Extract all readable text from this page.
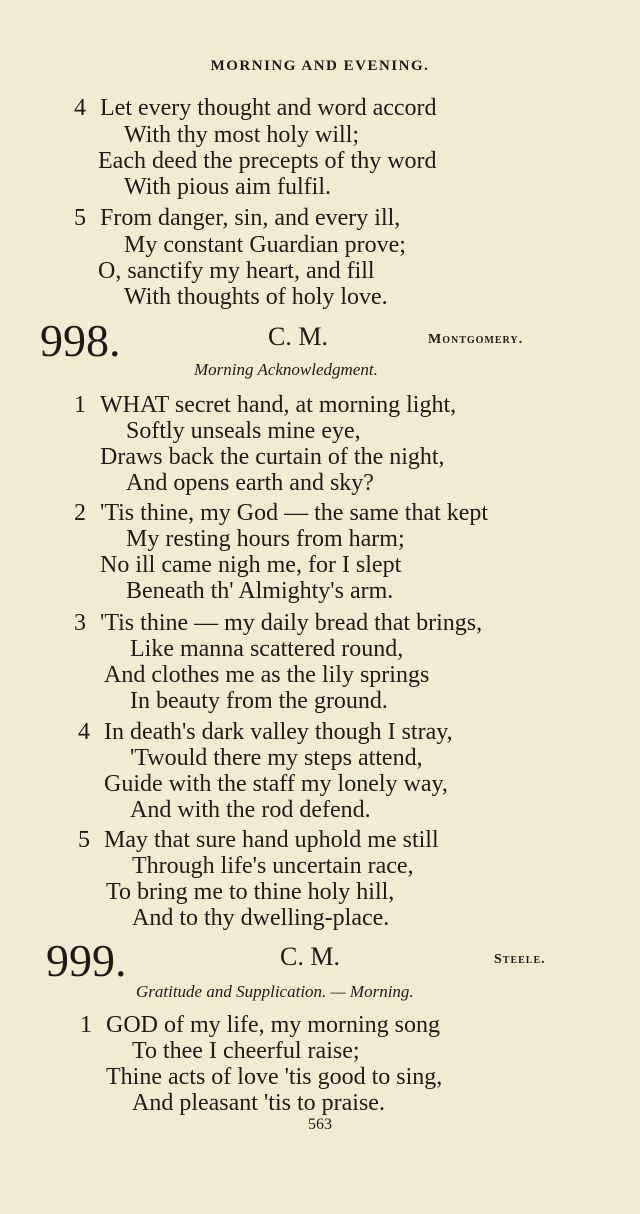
MORNING AND EVENING.
4 Let every thought and word accord
With thy most holy will;
Each deed the precepts of thy word
With pious aim fulfil.
5 From danger, sin, and every ill,
My constant Guardian prove;
O, sanctify my heart, and fill
With thoughts of holy love.
998.	C. M.	Montgomery.
Morning Acknowledgment.
1 WHAT secret hand, at morning light,
Softly unseals mine eye,
Draws back the curtain of the night,
And opens earth and sky?
2 'Tis thine, my God — the same that kept
My resting hours from harm;
No ill came nigh me, for I slept
Beneath th' Almighty's arm.
3 'Tis thine — my daily bread that brings,
Like manna scattered round,
And clothes me as the lily springs
In beauty from the ground.
4 In death's dark valley though I stray,
'Twould there my steps attend,
Guide with the staff my lonely way,
And with the rod defend.
5 May that sure hand uphold me still
Through life's uncertain race,
To bring me to thine holy hill,
And to thy dwelling-place.
999.	C. M.	Steele.
Gratitude and Supplication. — Morning.
1 GOD of my life, my morning song
To thee I cheerful raise;
Thine acts of love 'tis good to sing,
And pleasant 'tis to praise.
563
